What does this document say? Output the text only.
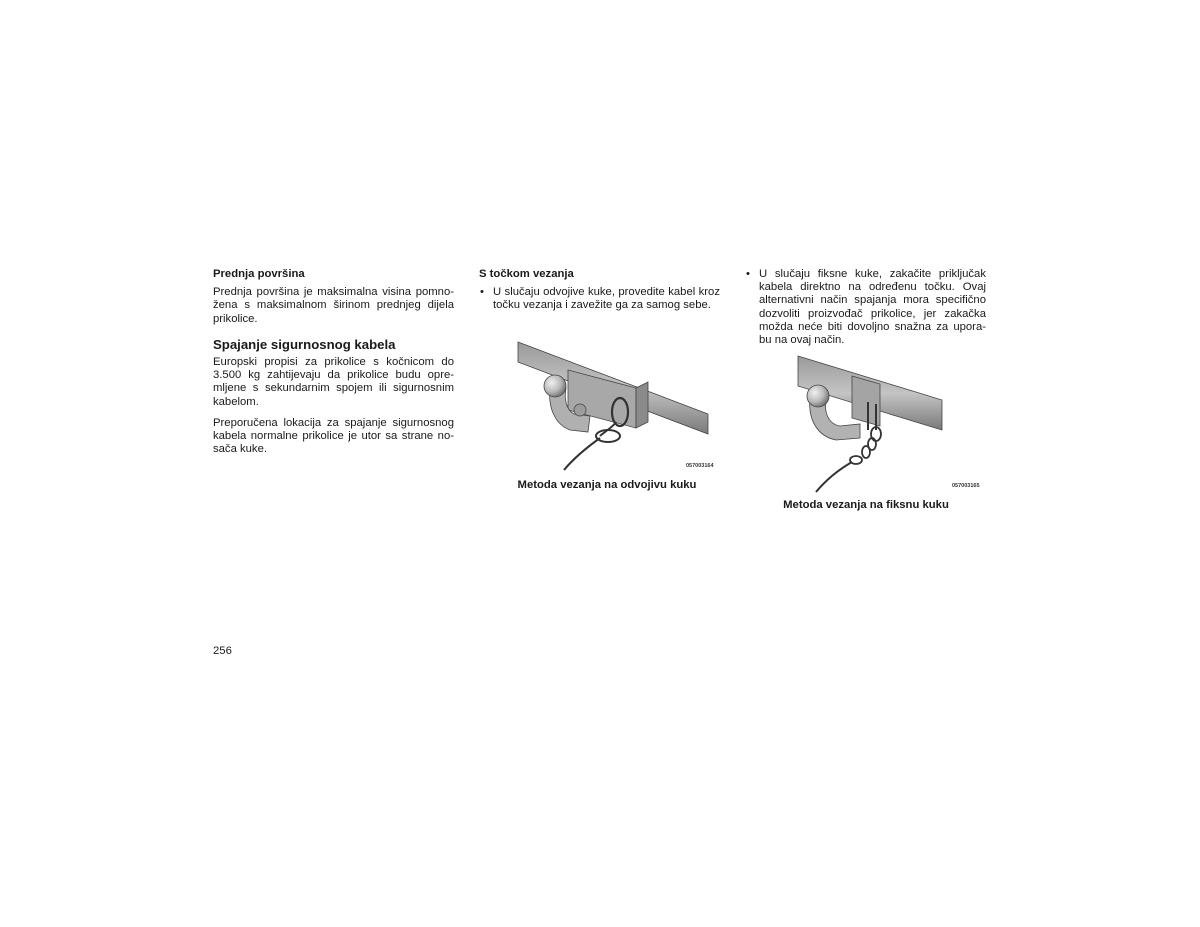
Prednja površina
Prednja površina je maksimalna visina pomno-žena s maksimalnom širinom prednjeg dijela prikolice.
Spajanje sigurnosnog kabela
Europski propisi za prikolice s kočnicom do 3.500 kg zahtijevaju da prikolice budu opre-mljene s sekundarnim spojem ili sigurnosnim kabelom.
Preporučena lokacija za spajanje sigurnosnog kabela normalne prikolice je utor sa strane no-sača kuke.
S točkom vezanja
• U slučaju odvojive kuke, provedite kabel kroz točku vezanja i zavežite ga za samog sebe.
057003164
Metoda vezanja na odvojivu kuku
• U slučaju fiksne kuke, zakačite priključak kabela direktno na određenu točku. Ovaj alternativni način spajanja mora specifično dozvoliti proizvođač prikolice, jer zakačka možda neće biti dovoljno snažna za upora-bu na ovaj način.
057003165
Metoda vezanja na fiksnu kuku
256
